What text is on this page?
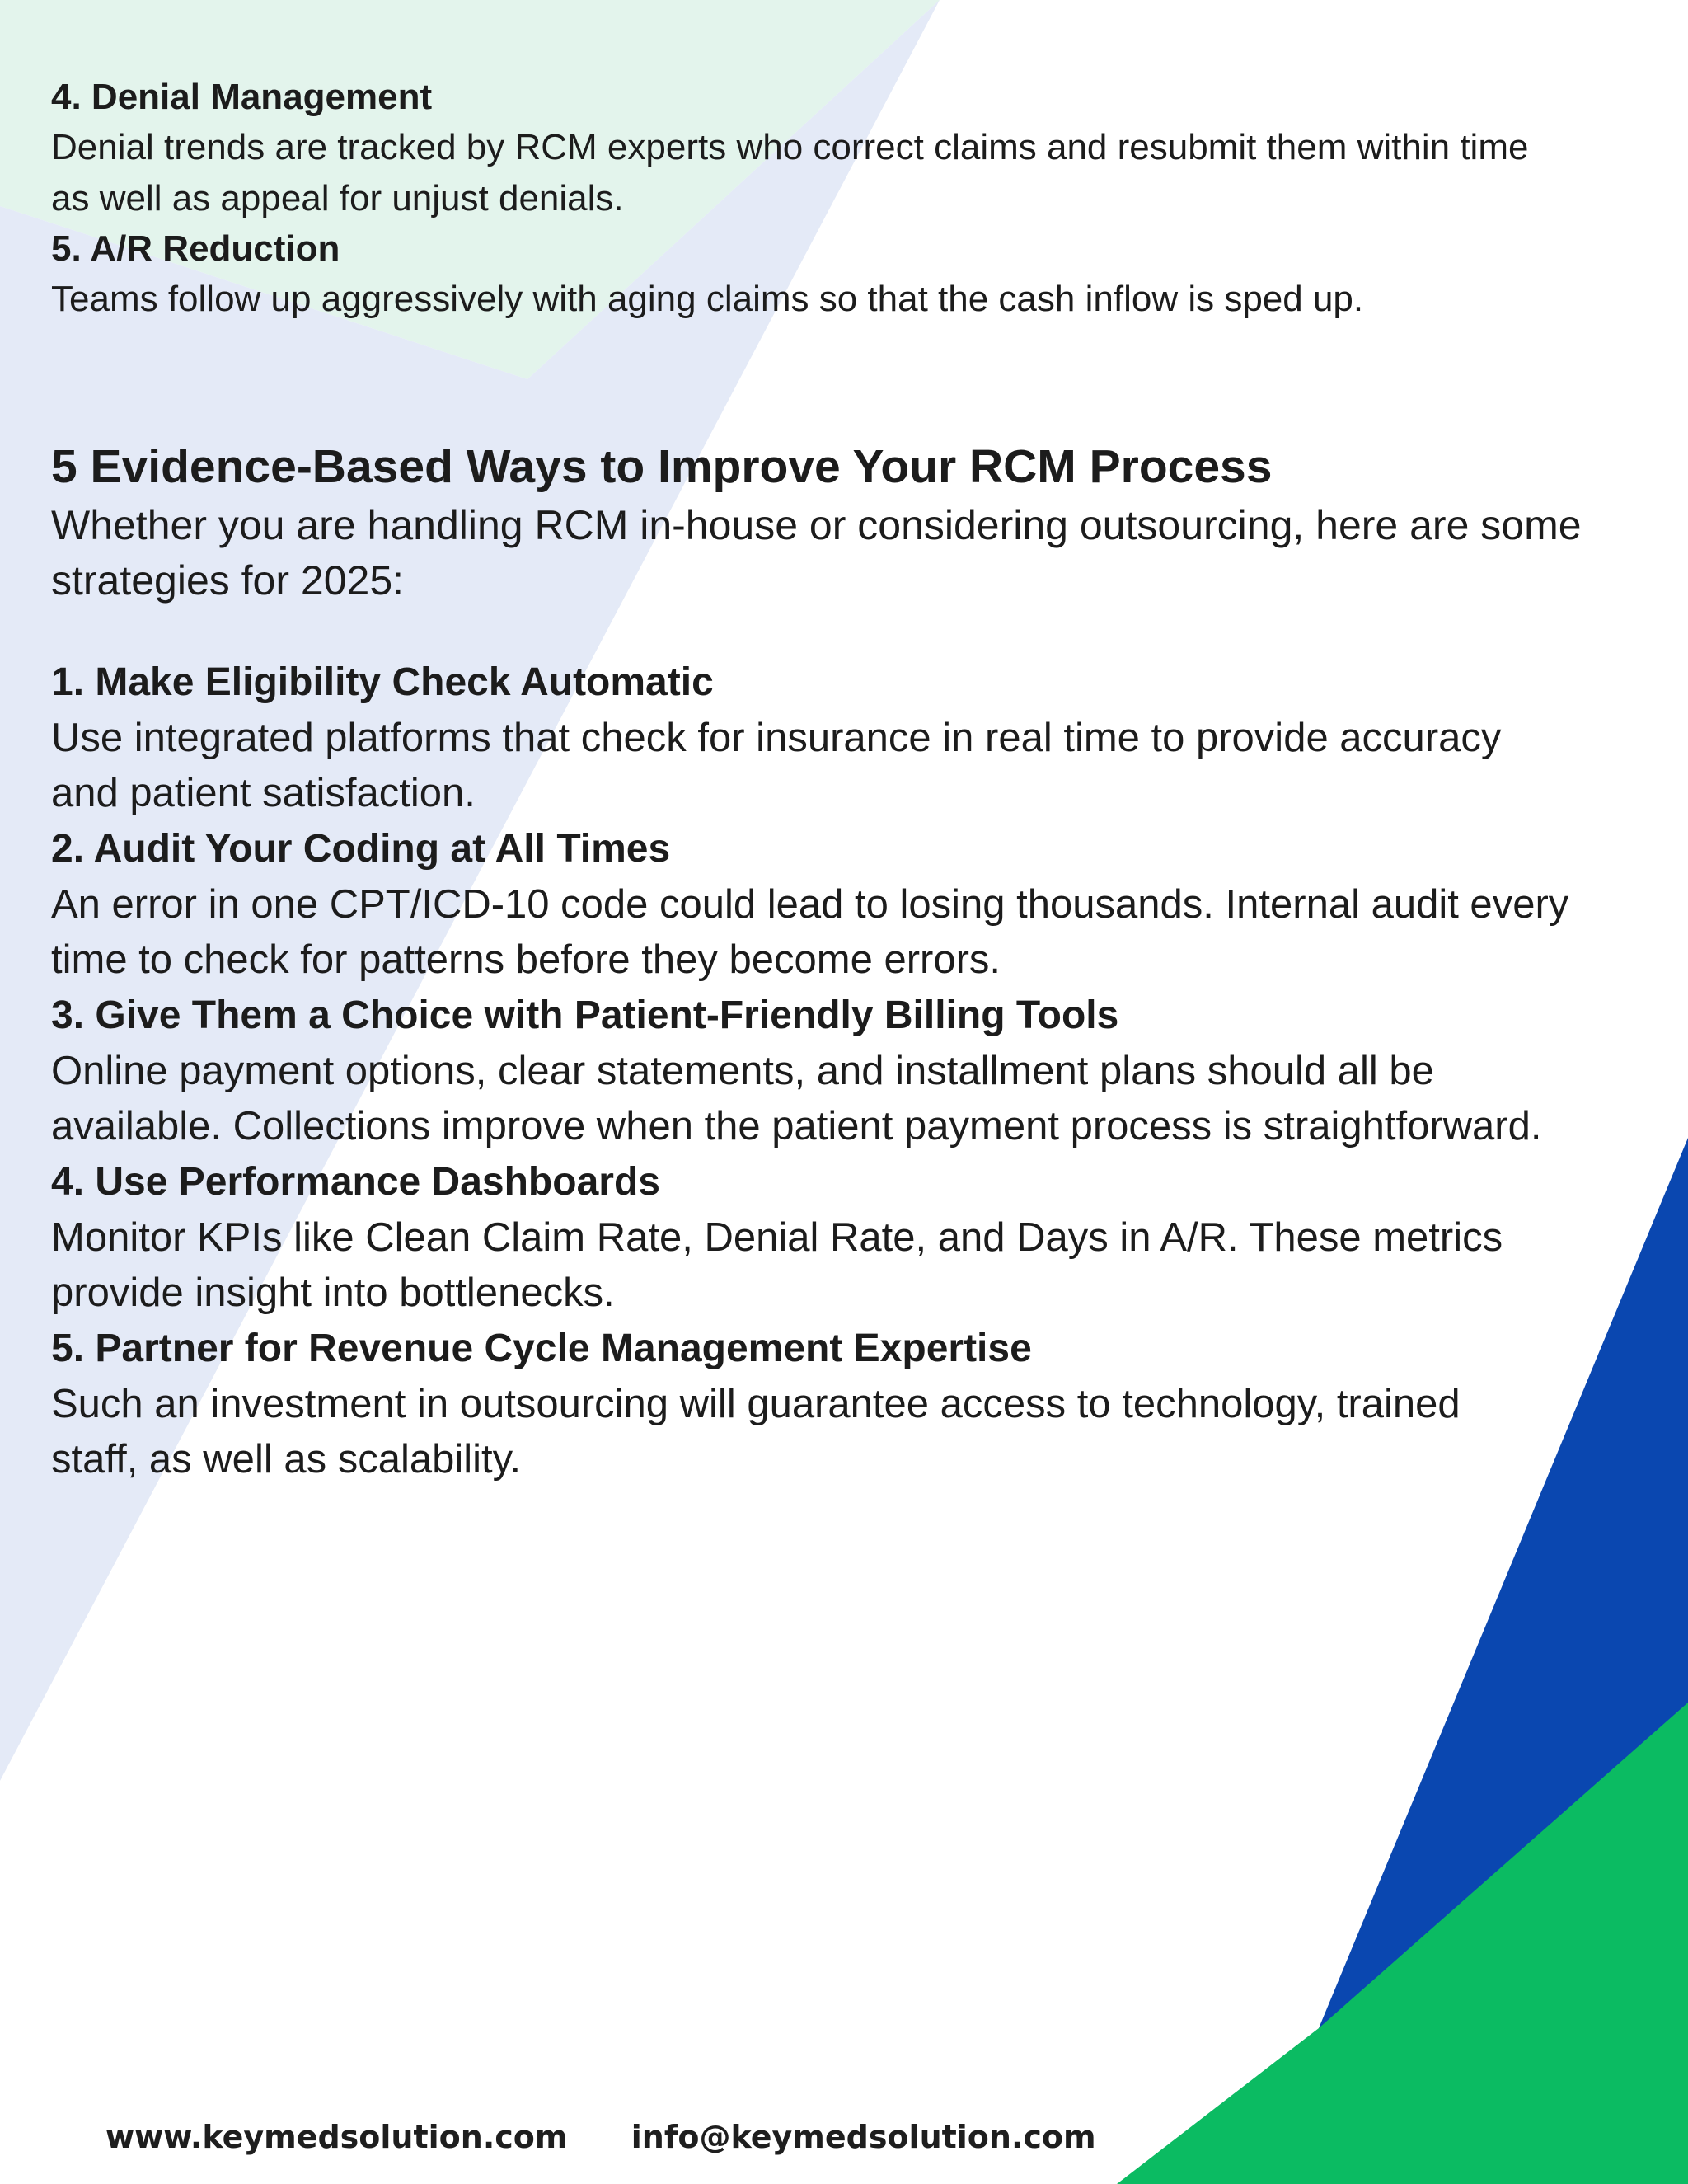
4. Denial Management

Denial trends are tracked by RCM experts who correct claims and resubmit them within time

as well as appeal for unjust denials.

5. A/R Reduction

Teams follow up aggressively with aging claims so that the cash inflow is sped up.

5 Evidence-Based Ways to Improve Your RCM Process

Whether you are handling RCM in-house or considering outsourcing, here are some

strategies for 2025:

1. Make Eligibility Check Automatic

Use integrated platforms that check for insurance in real time to provide accuracy

and patient satisfaction.

2. Audit Your Coding at All Times

An error in one CPT/ICD-10 code could lead to losing thousands. Internal audit every

time to check for patterns before they become errors.

3. Give Them a Choice with Patient-Friendly Billing Tools

Online payment options, clear statements, and installment plans should all be

available. Collections improve when the patient payment process is straightforward.

4. Use Performance Dashboards

Monitor KPIs like Clean Claim Rate, Denial Rate, and Days in A/R. These metrics

provide insight into bottlenecks.

5. Partner for Revenue Cycle Management Expertise

Such an investment in outsourcing will guarantee access to technology, trained

staff, as well as scalability.

www.keymedsolution.com info@keymedsolution.com
